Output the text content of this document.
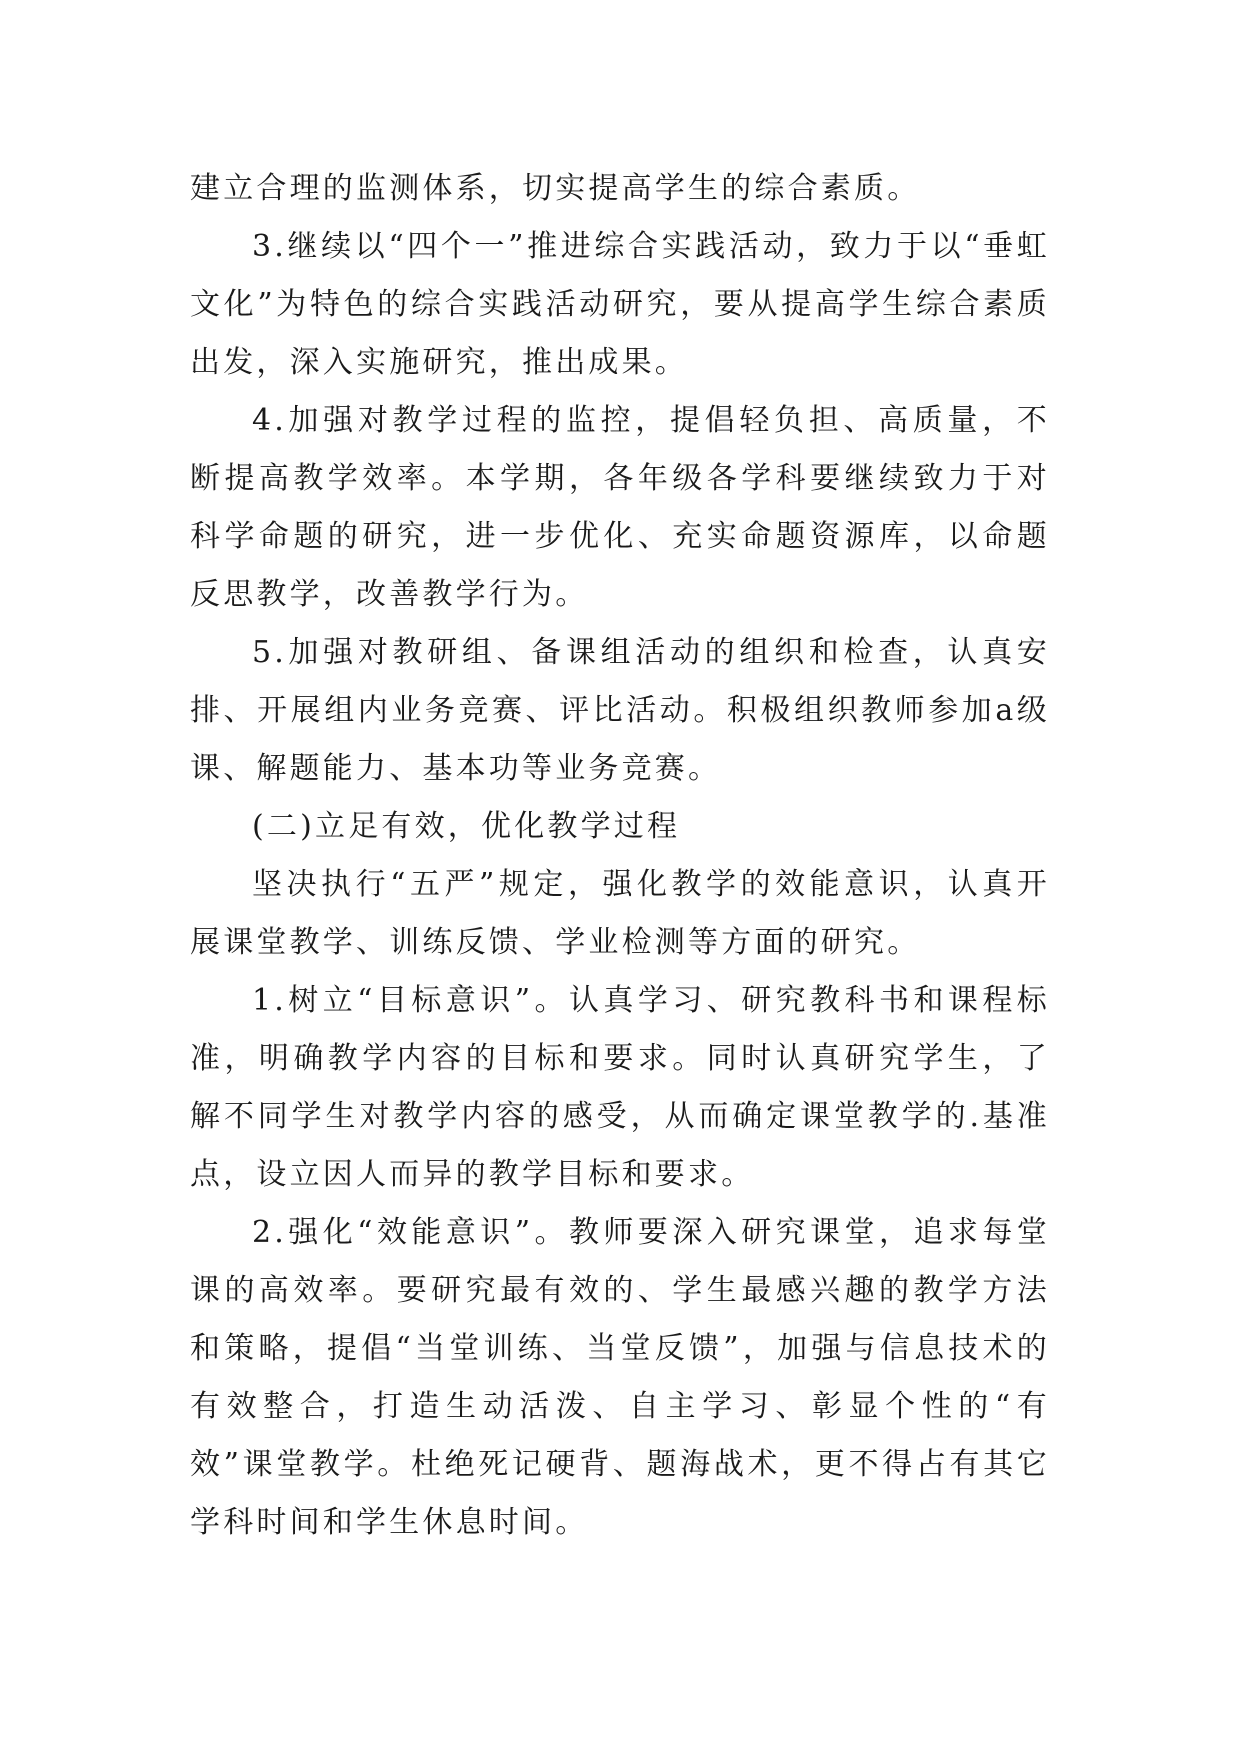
建立合理的监测体系，切实提高学生的综合素质。

3.继续以“四个一”推进综合实践活动，致力于以“垂虹文化”为特色的综合实践活动研究，要从提高学生综合素质出发，深入实施研究，推出成果。

4.加强对教学过程的监控，提倡轻负担、高质量，不断提高教学效率。本学期，各年级各学科要继续致力于对科学命题的研究，进一步优化、充实命题资源库，以命题反思教学，改善教学行为。

5.加强对教研组、备课组活动的组织和检查，认真安排、开展组内业务竞赛、评比活动。积极组织教师参加a级课、解题能力、基本功等业务竞赛。

(二)立足有效，优化教学过程

坚决执行“五严”规定，强化教学的效能意识，认真开展课堂教学、训练反馈、学业检测等方面的研究。

1.树立“目标意识”。认真学习、研究教科书和课程标准，明确教学内容的目标和要求。同时认真研究学生，了解不同学生对教学内容的感受，从而确定课堂教学的.基准点，设立因人而异的教学目标和要求。

2.强化“效能意识”。教师要深入研究课堂，追求每堂课的高效率。要研究最有效的、学生最感兴趣的教学方法和策略，提倡“当堂训练、当堂反馈”，加强与信息技术的有效整合，打造生动活泼、自主学习、彰显个性的“有效”课堂教学。杜绝死记硬背、题海战术，更不得占有其它学科时间和学生休息时间。
